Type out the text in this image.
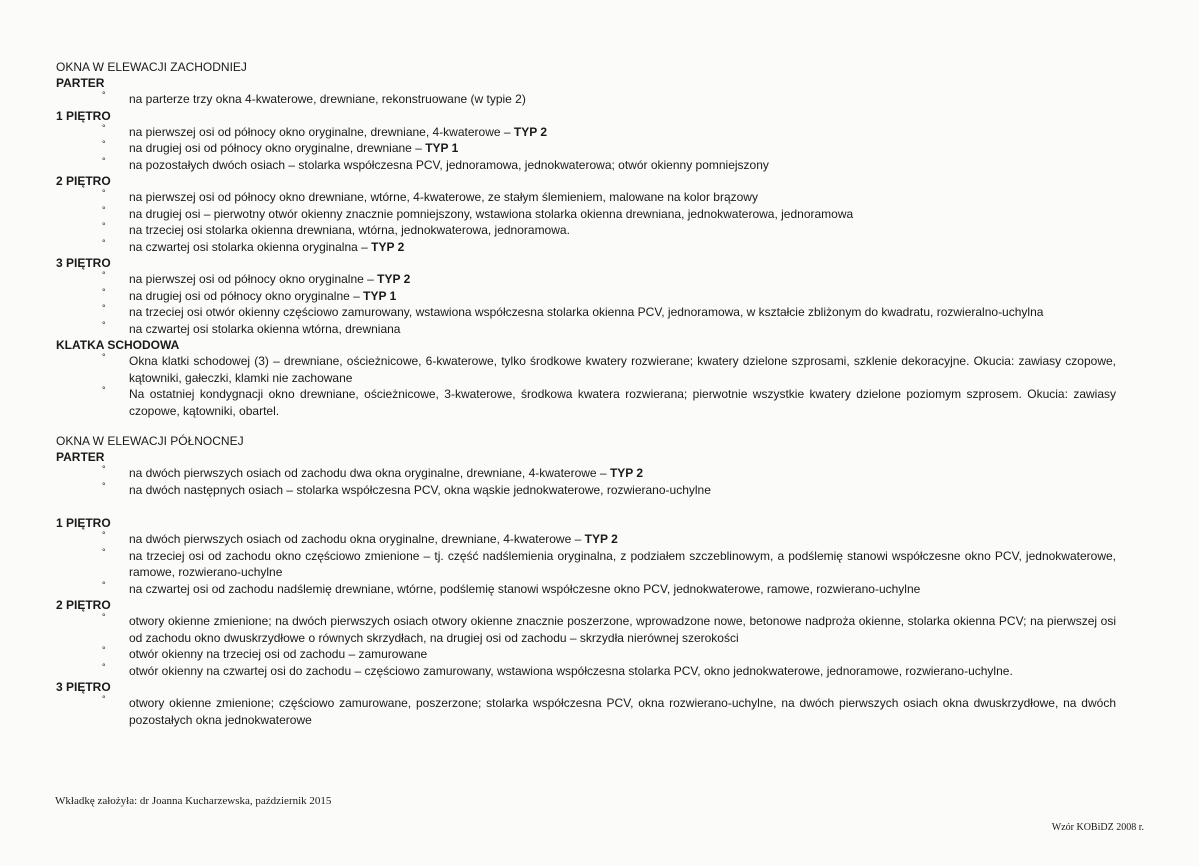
OKNA W ELEWACJI ZACHODNIEJ

PARTER

° na parterze trzy okna 4-kwaterowe, drewniane, rekonstruowane (w typie 2)

1 PIĘTRO

° na pierwszej osi od północy okno oryginalne, drewniane, 4-kwaterowe – TYP 2
° na drugiej osi od północy okno oryginalne, drewniane – TYP 1
° na pozostałych dwóch osiach – stolarka współczesna PCV, jednoramowa, jednokwaterowa; otwór okienny pomniejszony

2 PIĘTRO

° na pierwszej osi od północy okno drewniane, wtórne, 4-kwaterowe, ze stałym ślemieniem, malowane na kolor brązowy
° na drugiej osi – pierwotny otwór okienny znacznie pomniejszony, wstawiona stolarka okienna drewniana, jednokwaterowa, jednoramowa
° na trzeciej osi stolarka okienna drewniana, wtórna, jednokwaterowa, jednoramowa.
° na czwartej osi stolarka okienna oryginalna – TYP 2

3 PIĘTRO

° na pierwszej osi od północy okno oryginalne – TYP 2
° na drugiej osi od północy okno oryginalne – TYP 1
° na trzeciej osi otwór okienny częściowo zamurowany, wstawiona współczesna stolarka okienna PCV, jednoramowa, w kształcie zbliżonym do kwadratu, rozwieralno-uchylna
° na czwartej osi stolarka okienna wtórna, drewniana

KLATKA SCHODOWA

° Okna klatki schodowej (3) – drewniane, ościeżnicowe, 6-kwaterowe, tylko środkowe kwatery rozwierane; kwatery dzielone szprosami, szklenie dekoracyjne. Okucia: zawiasy czopowe, kątowniki, gałeczki, klamki nie zachowane
° Na ostatniej kondygnacji okno drewniane, ościeżnicowe, 3-kwaterowe, środkowa kwatera rozwierana; pierwotnie wszystkie kwatery dzielone poziomym szprosem. Okucia: zawiasy czopowe, kątowniki, obartel.

OKNA W ELEWACJI PÓŁNOCNEJ

PARTER

° na dwóch pierwszych osiach od zachodu dwa okna oryginalne, drewniane, 4-kwaterowe – TYP 2
° na dwóch następnych osiach – stolarka współczesna PCV, okna wąskie jednokwaterowe, rozwierano-uchylne

1 PIĘTRO

° na dwóch pierwszych osiach od zachodu okna oryginalne, drewniane, 4-kwaterowe – TYP 2
° na trzeciej osi od zachodu okno częściowo zmienione – tj. część nadślemienia oryginalna, z podziałem szczeblinowym, a podślemię stanowi współczesne okno PCV, jednokwaterowe, ramowe, rozwierano-uchylne
° na czwartej osi od zachodu nadślemię drewniane, wtórne, podślemię stanowi współczesne okno PCV, jednokwaterowe, ramowe, rozwierano-uchylne

2 PIĘTRO

° otwory okienne zmienione; na dwóch pierwszych osiach otwory okienne znacznie poszerzone, wprowadzone nowe, betonowe nadproża okienne, stolarka okienna PCV; na pierwszej osi od zachodu okno dwuskrzydłowe o równych skrzydłach, na drugiej osi od zachodu – skrzydła nierównej szerokości
° otwór okienny na trzeciej osi od zachodu – zamurowane
° otwór okienny na czwartej osi do zachodu – częściowo zamurowany, wstawiona współczesna stolarka PCV, okno jednokwaterowe, jednoramowe, rozwierano-uchylne.

3 PIĘTRO

° otwory okienne zmienione; częściowo zamurowane, poszerzone; stolarka współczesna PCV, okna rozwierano-uchylne, na dwóch pierwszych osiach okna dwuskrzydłowe, na dwóch pozostałych okna jednokwaterowe
Wkładkę założyła: dr Joanna Kucharzewska, październik 2015
Wzór KOBiDZ 2008 r.
